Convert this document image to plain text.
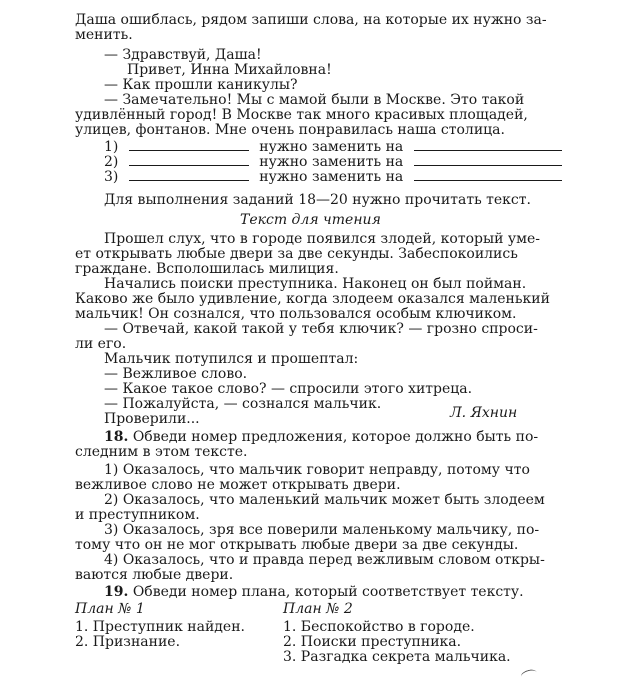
Даша ошиблась, рядом запиши слова, на которые их нужно за-
менить.
— Здравствуй, Даша!
Привет, Инна Михайловна!
— Как прошли каникулы?
— Замечательно! Мы с мамой были в Москве. Это такой
удивлённый город! В Москве так много красивых площадей,
улицев, фонтанов. Мне очень понравилась наша столица.
1)	нужно заменить на
2)	нужно заменить на
3)	нужно заменить на
Для выполнения заданий 18—20 нужно прочитать текст.
Текст для чтения
Прошел слух, что в городе появился злодей, который уме-
ет открывать любые двери за две секунды. Забеспокоились
граждане. Всполошилась милиция.
Начались поиски преступника. Наконец он был пойман.
Каково же было удивление, когда злодеем оказался маленький
мальчик! Он сознался, что пользовался особым ключиком.
— Отвечай, какой такой у тебя ключик? — грозно спроси-
ли его.
Мальчик потупился и прошептал:
— Вежливое слово.
— Какое такое слово? — спросили этого хитреца.
— Пожалуйста, — сознался мальчик.
Проверили...	Л. Яхнин
18. Обведи номер предложения, которое должно быть по-
следним в этом тексте.
1) Оказалось, что мальчик говорит неправду, потому что
вежливое слово не может открывать двери.
2) Оказалось, что маленький мальчик может быть злодеем
и преступником.
3) Оказалось, зря все поверили маленькому мальчику, по-
тому что он не мог открывать любые двери за две секунды.
4) Оказалось, что и правда перед вежливым словом откры-
ваются любые двери.
19. Обведи номер плана, который соответствует тексту.
План № 1
1. Преступник найден.
2. Признание.
План № 2
1. Беспокойство в городе.
2. Поиски преступника.
3. Разгадка секрета мальчика.
